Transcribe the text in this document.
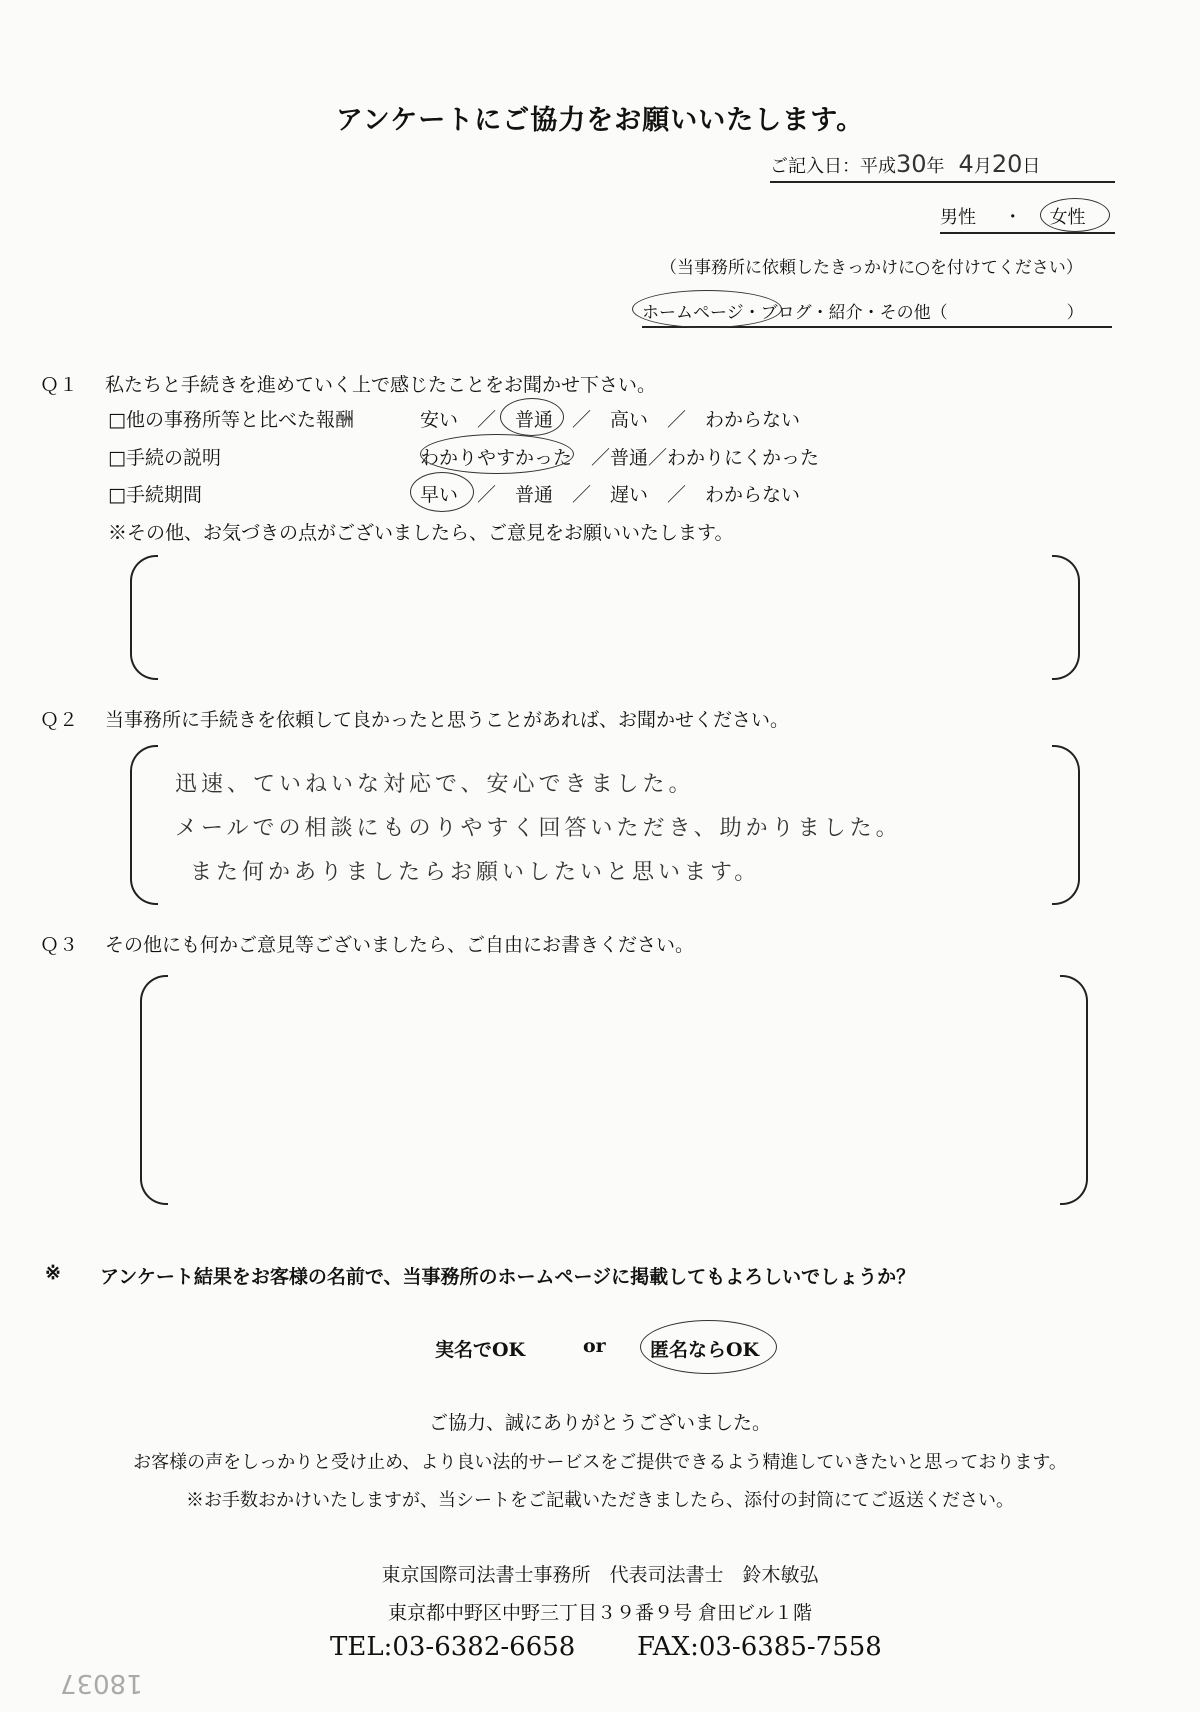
アンケートにご協力をお願いいたします。
ご記入日：平成30年 4月20日
男性 ・ 女性
（当事務所に依頼したきっかけに○を付けてください）
ホームページ・ブログ・紹介・その他（　　　　　　　）
Ｑ１ 私たちと手続きを進めていく上で感じたことをお聞かせ下さい。
□他の事務所等と比べた報酬	安い　／　普通　／　高い　／　わからない
□手続の説明	わかりやすかった　／普通／わかりにくかった
□手続期間	早い　／　普通　／　遅い　／　わからない
※その他、お気づきの点がございましたら、ご意見をお願いいたします。
Ｑ２ 当事務所に手続きを依頼して良かったと思うことがあれば、お聞かせください。
迅速、ていねいな対応で、安心できました。
メールでの相談にものりやすく回答いただき、助かりました。
また何かありましたらお願いしたいと思います。
Ｑ３ その他にも何かご意見等ございましたら、ご自由にお書きください。
※ アンケート結果をお客様の名前で、当事務所のホームページに掲載してもよろしいでしょうか？
実名でOK	or 匿名ならOK
ご協力、誠にありがとうございました。
お客様の声をしっかりと受け止め、より良い法的サービスをご提供できるよう精進していきたいと思っております。
※お手数おかけいたしますが、当シートをご記載いただきましたら、添付の封筒にてご返送ください。
東京国際司法書士事務所　代表司法書士　鈴木敏弘
東京都中野区中野三丁目３９番９号 倉田ビル１階
TEL:03-6382-6658 FAX:03-6385-7558
18037
